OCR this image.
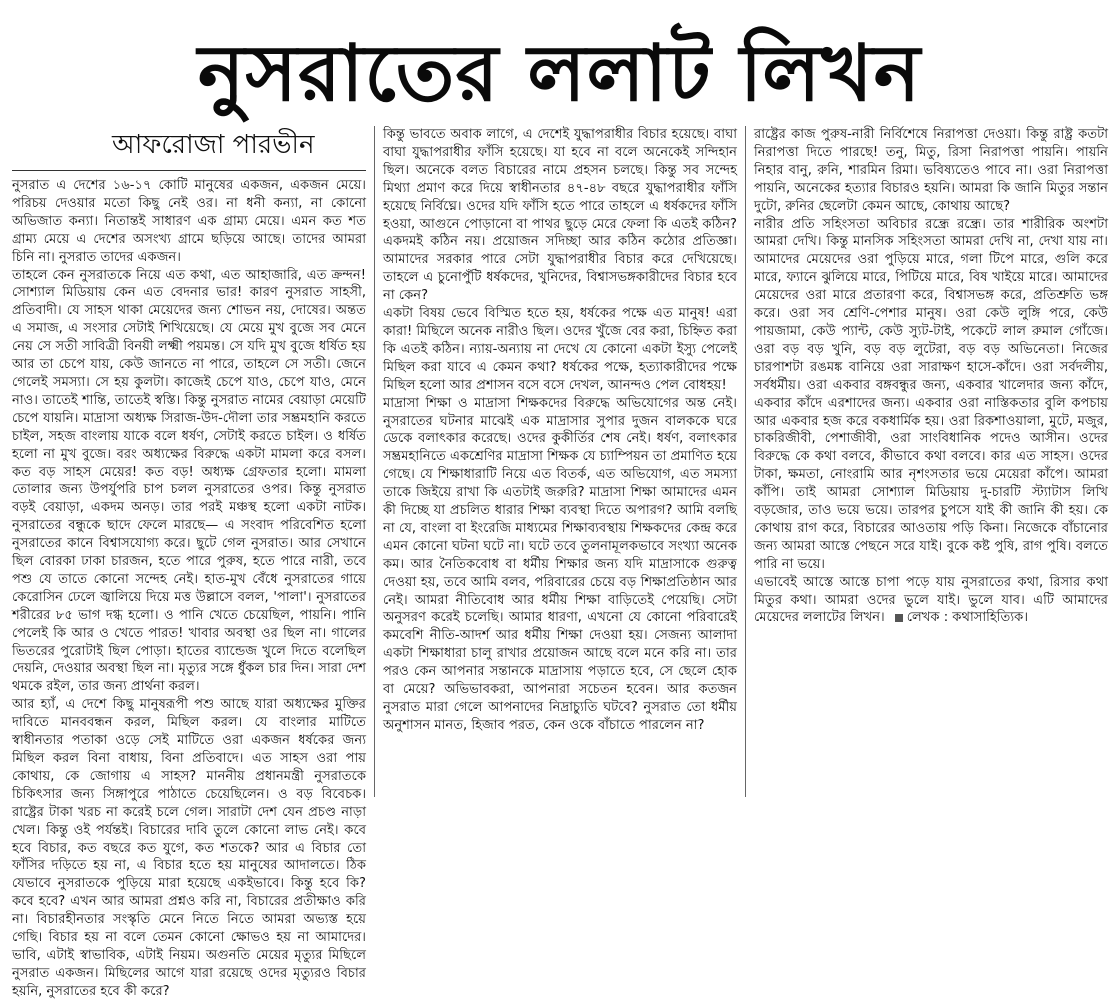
নুসরাতের ললাট লিখন
আফরোজা পারভীন

নুসরাত এ দেশের ১৬-১৭ কোটি মানুষের একজন, একজন মেয়ে। পরিচয় দেওয়ার মতো কিছু নেই ওর। না ধনী কন্যা, না কোনো অভিজাত কন্যা। নিতান্তই সাধারণ এক গ্রাম্য মেয়ে। এমন কত শত গ্রাম্য মেয়ে এ দেশের অসংখ্য গ্রামে ছড়িয়ে আছে। তাদের আমরা চিনি না। নুসরাত তাদের একজন।

তাহলে কেন নুসরাতকে নিয়ে এত কথা, এত আহাজারি, এত ক্রন্দন! সোশ্যাল মিডিয়ায় কেন এত বেদনার ভার! কারণ নুসরাত সাহসী, প্রতিবাদী। যে সাহস থাকা মেয়েদের জন্য শোভন নয়, দোষের। অন্তত এ সমাজ, এ সংসার সেটাই শিখিয়েছে। যে মেয়ে মুখ বুজে সব মেনে নেয় সে সতী সাবিত্রী বিনয়ী লক্ষ্মী পয়মন্ত। সে যদি মুখ বুজে ধর্ষিত হয় আর তা চেপে যায়, কেউ জানতে না পারে, তাহলে সে সতী। জেনে গেলেই সমস্যা। সে হয় কুলটা। কাজেই চেপে যাও, চেপে যাও, মেনে নাও। তাতেই শান্তি, তাতেই স্বস্তি। কিন্তু নুসরাত নামের বেয়াড়া মেয়েটি চেপে যায়নি। মাদ্রাসা অধ্যক্ষ সিরাজ-উদ-দৌলা তার সম্ভ্রমহানি করতে চাইল, সহজ বাংলায় যাকে বলে ধর্ষণ, সেটাই করতে চাইল। ও ধর্ষিত হলো না মুখ বুজে। বরং অধ্যক্ষের বিরুদ্ধে একটা মামলা করে বসল। কত বড় সাহস মেয়ের! কত বড়! অধ্যক্ষ গ্রেফতার হলো। মামলা তোলার জন্য উপর্যুপরি চাপ চলল নুসরাতের ওপর। কিন্তু নুসরাত বড়ই বেয়াড়া, একদম অনড়। তার পরই মঞ্চস্থ হলো একটা নাটক। নুসরাতের বন্ধুকে ছাদে ফেলে মারছে— এ সংবাদ পরিবেশিত হলো নুসরাতের কানে বিশ্বাসযোগ্য করে। ছুটে গেল নুসরাত। আর সেখানে ছিল বোরকা ঢাকা চারজন, হতে পারে পুরুষ, হতে পারে নারী, তবে পশু যে তাতে কোনো সন্দেহ নেই। হাত-মুখ বেঁধে নুসরাতের গায়ে কেরোসিন ঢেলে জ্বালিয়ে দিয়ে মত্ত উল্লাসে বলল, 'পালা'। নুসরাতের শরীরের ৮৫ ভাগ দগ্ধ হলো। ও পানি খেতে চেয়েছিল, পায়নি। পানি পেলেই কি আর ও খেতে পারত! খাবার অবস্থা ওর ছিল না। গালের ভিতরের পুরোটাই ছিল পোড়া। হাতের ব্যান্ডেজ খুলে দিতে বলেছিল দেয়নি, দেওয়ার অবস্থা ছিল না। মৃত্যুর সঙ্গে ধুঁকল চার দিন। সারা দেশ থমকে রইল, তার জন্য প্রার্থনা করল।

আর হ্যাঁ, এ দেশে কিছু মানুষরূপী পশু আছে যারা অধ্যক্ষের মুক্তির দাবিতে মানববন্ধন করল, মিছিল করল। যে বাংলার মাটিতে স্বাধীনতার পতাকা ওড়ে সেই মাটিতে ওরা একজন ধর্ষকের জন্য মিছিল করল বিনা বাধায়, বিনা প্রতিবাদে। এত সাহস ওরা পায় কোথায়, কে জোগায় এ সাহস? মাননীয় প্রধানমন্ত্রী নুসরাতকে চিকিৎসার জন্য সিঙ্গাপুরে পাঠাতে চেয়েছিলেন। ও বড় বিবেচক। রাষ্ট্রের টাকা খরচ না করেই চলে গেল। সারাটা দেশ যেন প্রচণ্ড নাড়া খেল। কিন্তু ওই পর্যন্তই। বিচারের দাবি তুলে কোনো লাভ নেই। কবে হবে বিচার, কত বছরে কত যুগে, কত শতকে? আর এ বিচার তো ফাঁসির দড়িতে হয় না, এ বিচার হতে হয় মানুষের আদালতে। ঠিক যেভাবে নুসরাতকে পুড়িয়ে মারা হয়েছে একইভাবে। কিন্তু হবে কি? কবে হবে? এখন আর আমরা প্রশ্নও করি না, বিচারের প্রতীক্ষাও করি না। বিচারহীনতার সংস্কৃতি মেনে নিতে নিতে আমরা অভ্যস্ত হয়ে গেছি। বিচার হয় না বলে তেমন কোনো ক্ষোভও হয় না আমাদের। ভাবি, এটাই স্বাভাবিক, এটাই নিয়ম। অগুনতি মেয়ের মৃত্যুর মিছিলে নুসরাত একজন। মিছিলের আগে যারা রয়েছে ওদের মৃত্যুরও বিচার হয়নি, নুসরাতের হবে কী করে?

কিন্তু ভাবতে অবাক লাগে, এ দেশেই যুদ্ধাপরাধীর বিচার হয়েছে। বাঘা বাঘা যুদ্ধাপরাধীর ফাঁসি হয়েছে। যা হবে না বলে অনেকেই সন্দিহান ছিল। অনেকে বলত বিচারের নামে প্রহসন চলছে। কিন্তু সব সন্দেহ মিথ্যা প্রমাণ করে দিয়ে স্বাধীনতার ৪৭-৪৮ বছরে যুদ্ধাপরাধীর ফাঁসি হয়েছে নির্বিঘ্নে। ওদের যদি ফাঁসি হতে পারে তাহলে এ ধর্ষকদের ফাঁসি হওয়া, আগুনে পোড়ানো বা পাথর ছুড়ে মেরে ফেলা কি এতই কঠিন? একদমই কঠিন নয়। প্রয়োজন সদিচ্ছা আর কঠিন কঠোর প্রতিজ্ঞা। আমাদের সরকার পারে সেটা যুদ্ধাপরাধীর বিচার করে দেখিয়েছে। তাহলে এ চুনোপুঁটি ধর্ষকদের, খুনিদের, বিশ্বাসভঙ্গকারীদের বিচার হবে না কেন?

একটা বিষয় ভেবে বিস্মিত হতে হয়, ধর্ষকের পক্ষে এত মানুষ! এরা কারা! মিছিলে অনেক নারীও ছিল। ওদের খুঁজে বের করা, চিহ্নিত করা কি এতই কঠিন। ন্যায়-অন্যায় না দেখে যে কোনো একটা ইস্যু পেলেই মিছিল করা যাবে এ কেমন কথা? ধর্ষকের পক্ষে, হত্যাকারীদের পক্ষে মিছিল হলো আর প্রশাসন বসে বসে দেখল, আনন্দও পেল বোধহয়!

মাদ্রাসা শিক্ষা ও মাদ্রাসা শিক্ষকদের বিরুদ্ধে অভিযোগের অন্ত নেই। নুসরাতের ঘটনার মাঝেই এক মাদ্রাসার সুপার দুজন বালককে ঘরে ডেকে বলাৎকার করেছে। ওদের কুকীর্তির শেষ নেই। ধর্ষণ, বলাৎকার সম্ভ্রমহানিতে একশ্রেণির মাদ্রাসা শিক্ষক যে চ্যাম্পিয়ন তা প্রমাণিত হয়ে গেছে। যে শিক্ষাধারাটি নিয়ে এত বিতর্ক, এত অভিযোগ, এত সমস্যা তাকে জিইয়ে রাখা কি এতটাই জরুরি? মাদ্রাসা শিক্ষা আমাদের এমন কী দিচ্ছে যা প্রচলিত ধারার শিক্ষা ব্যবস্থা দিতে অপারগ? আমি বলছি না যে, বাংলা বা ইংরেজি মাধ্যমের শিক্ষাব্যবস্থায় শিক্ষকদের কেন্দ্র করে এমন কোনো ঘটনা ঘটে না। ঘটে তবে তুলনামূলকভাবে সংখ্যা অনেক কম। আর নৈতিকবোধ বা ধর্মীয় শিক্ষার জন্য যদি মাদ্রাসাকে গুরুত্ব দেওয়া হয়, তবে আমি বলব, পরিবারের চেয়ে বড় শিক্ষাপ্রতিষ্ঠান আর নেই। আমরা নীতিবোধ আর ধর্মীয় শিক্ষা বাড়িতেই পেয়েছি। সেটা অনুসরণ করেই চলেছি। আমার ধারণা, এখনো যে কোনো পরিবারেই কমবেশি নীতি-আদর্শ আর ধর্মীয় শিক্ষা দেওয়া হয়। সেজন্য আলাদা একটা শিক্ষাধারা চালু রাখার প্রয়োজন আছে বলে মনে করি না। তার পরও কেন আপনার সন্তানকে মাদ্রাসায় পড়াতে হবে, সে ছেলে হোক বা মেয়ে? অভিভাবকরা, আপনারা সচেতন হবেন। আর কতজন নুসরাত মারা গেলে আপনাদের নিদ্রাচ্যুতি ঘটবে? নুসরাত তো ধর্মীয় অনুশাসন মানত, হিজাব পরত, কেন ওকে বাঁচাতে পারলেন না?

রাষ্ট্রের কাজ পুরুষ-নারী নির্বিশেষে নিরাপত্তা দেওয়া। কিন্তু রাষ্ট্র কতটা নিরাপত্তা দিতে পারছে! তনু, মিতু, রিসা নিরাপত্তা পায়নি। পায়নি নিহার বানু, রুনি, শারমিন রিমা। ভবিষ্যতেও পাবে না। ওরা নিরাপত্তা পায়নি, অনেকের হত্যার বিচারও হয়নি। আমরা কি জানি মিতুর সন্তান দুটো, রুনির ছেলেটা কেমন আছে, কোথায় আছে?

নারীর প্রতি সহিংসতা অবিচার রন্ধ্রে রন্ধ্রে। তার শারীরিক অংশটা আমরা দেখি। কিন্তু মানসিক সহিংসতা আমরা দেখি না, দেখা যায় না। আমাদের মেয়েদের ওরা পুড়িয়ে মারে, গলা টিপে মারে, গুলি করে মারে, ফ্যানে ঝুলিয়ে মারে, পিটিয়ে মারে, বিষ খাইয়ে মারে। আমাদের মেয়েদের ওরা মারে প্রতারণা করে, বিশ্বাসভঙ্গ করে, প্রতিশ্রুতি ভঙ্গ করে। ওরা সব শ্রেণি-পেশার মানুষ। ওরা কেউ লুঙ্গি পরে, কেউ পায়জামা, কেউ প্যান্ট, কেউ স্যুট-টাই, পকেটে লাল রুমাল গোঁজে। ওরা বড় বড় খুনি, বড় বড় লুটেরা, বড় বড় অভিনেতা। নিজের চারপাশটা রঙমঙ্ক বানিয়ে ওরা সারাক্ষণ হাসে-কাঁদে। ওরা সর্বদলীয়, সর্বধর্মীয়। ওরা একবার বঙ্গবন্ধুর জন্য, একবার খালেদার জন্য কাঁদে, একবার কাঁদে এরশাদের জন্য। একবার ওরা নাস্তিকতার বুলি কপচায় আর একবার হজ করে বকধার্মিক হয়। ওরা রিকশাওয়ালা, মুটে, মজুর, চাকরিজীবী, পেশাজীবী, ওরা সাংবিধানিক পদেও আসীন। ওদের বিরুদ্ধে কে কথা বলবে, কীভাবে কথা বলবে। কার এত সাহস। ওদের টাকা, ক্ষমতা, নোংরামি আর নৃশংসতার ভয়ে মেয়েরা কাঁপে। আমরা কাঁপি। তাই আমরা সোশ্যাল মিডিয়ায় দু-চারটি স্ট্যাটাস লিখি বড়জোর, তাও ভয়ে ভয়ে। তারপর চুপসে যাই কী জানি কী হয়। কে কোথায় রাগ করে, বিচারের আওতায় পড়ি কিনা। নিজেকে বাঁচানোর জন্য আমরা আস্তে পেছনে সরে যাই। বুকে কষ্ট পুষি, রাগ পুষি। বলতে পারি না ভয়ে।

এভাবেই আস্তে আস্তে চাপা পড়ে যায় নুসরাতের কথা, রিসার কথা মিতুর কথা। আমরা ওদের ভুলে যাই। ভুলে যাব। এটি আমাদের মেয়েদের ললাটের লিখন। লেখক : কথাসাহিত্যিক।
